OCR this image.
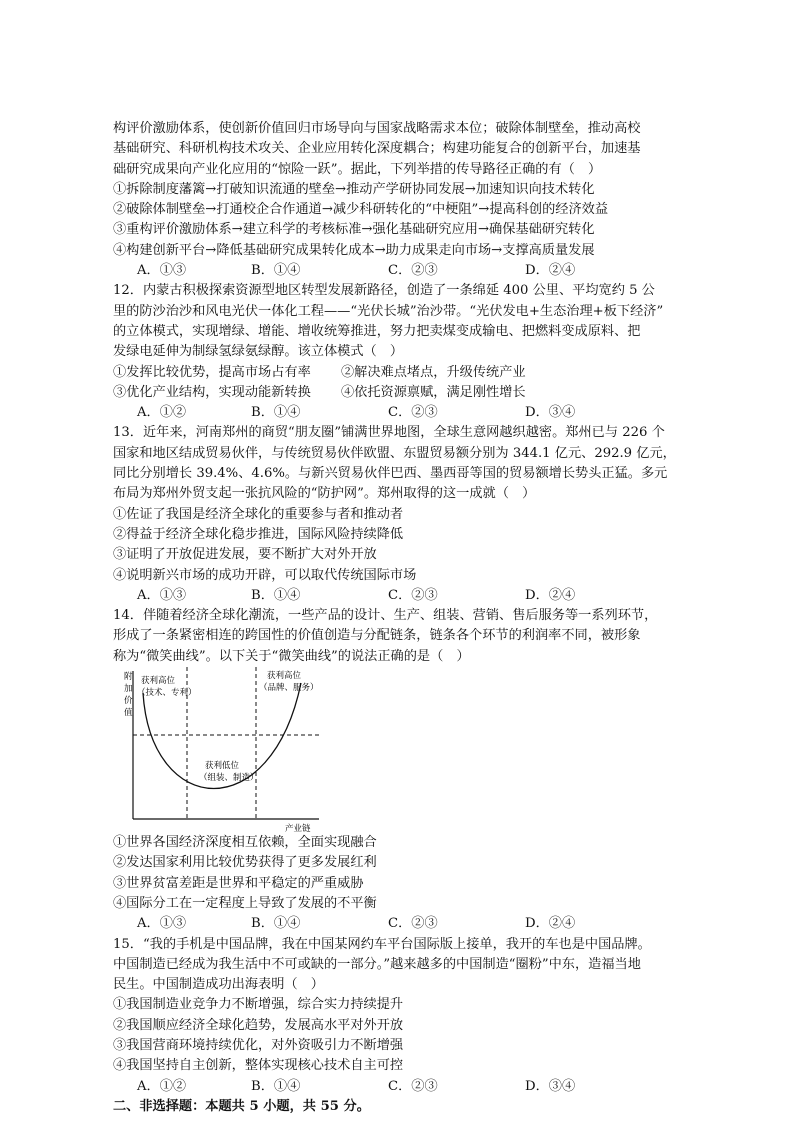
构评价激励体系，使创新价值回归市场导向与国家战略需求本位；破除体制壁垒，推动高校
基础研究、科研机构技术攻关、企业应用转化深度耦合；构建功能复合的创新平台，加速基
础研究成果向产业化应用的“惊险一跃”。据此，下列举措的传导路径正确的有（　）
①拆除制度藩篱→打破知识流通的壁垒→推动产学研协同发展→加速知识向技术转化
②破除体制壁垒→打通校企合作通道→减少科研转化的“中梗阻”→提高科创的经济效益
③重构评价激励体系→建立科学的考核标准→强化基础研究应用→确保基础研究转化
④构建创新平台→降低基础研究成果转化成本→助力成果走向市场→支撑高质量发展
A．①③	B．①④	C．②③	D．②④
12．内蒙古积极探索资源型地区转型发展新路径，创造了一条绵延 400 公里、平均宽约 5 公
里的防沙治沙和风电光伏一体化工程——“光伏长城”治沙带。“光伏发电+生态治理+板下经济”
的立体模式，实现增绿、增能、增收统筹推进，努力把卖煤变成输电、把燃料变成原料、把
发绿电延伸为制绿氢绿氨绿醇。该立体模式（　）
①发挥比较优势，提高市场占有率 ②解决难点堵点，升级传统产业
③优化产业结构，实现动能新转换 ④依托资源禀赋，满足刚性增长
A．①②	B．①④	C．②③	D．③④
13．近年来，河南郑州的商贸“朋友圈”铺满世界地图，全球生意网越织越密。郑州已与 226 个
国家和地区结成贸易伙伴，与传统贸易伙伴欧盟、东盟贸易额分别为 344.1 亿元、292.9 亿元，
同比分别增长 39.4%、4.6%。与新兴贸易伙伴巴西、墨西哥等国的贸易额增长势头正猛。多元
布局为郑州外贸支起一张抗风险的“防护网”。郑州取得的这一成就（　）
①佐证了我国是经济全球化的重要参与者和推动者
②得益于经济全球化稳步推进，国际风险持续降低
③证明了开放促进发展，要不断扩大对外开放
④说明新兴市场的成功开辟，可以取代传统国际市场
A．①③	B．①④	C．②③	D．②④
14．伴随着经济全球化潮流，一些产品的设计、生产、组装、营销、售后服务等一系列环节，
形成了一条紧密相连的跨国性的价值创造与分配链条，链条各个环节的利润率不同，被形象
称为“微笑曲线”。以下关于“微笑曲线”的说法正确的是（　）
附
加
价
值
获利高位
（技术、专利）
获利高位
（品牌、服务）
获利低位
（组装、制造）
产业链
①世界各国经济深度相互依赖，全面实现融合
②发达国家利用比较优势获得了更多发展红利
③世界贫富差距是世界和平稳定的严重威胁
④国际分工在一定程度上导致了发展的不平衡
A．①③	B．①④	C．②③	D．②④
15．“我的手机是中国品牌，我在中国某网约车平台国际版上接单，我开的车也是中国品牌。
中国制造已经成为我生活中不可或缺的一部分。”越来越多的中国制造“圈粉”中东，造福当地
民生。中国制造成功出海表明（　）
①我国制造业竞争力不断增强，综合实力持续提升
②我国顺应经济全球化趋势，发展高水平对外开放
③我国营商环境持续优化，对外资吸引力不断增强
④我国坚持自主创新，整体实现核心技术自主可控
A．①②	B．①④	C．②③	D．③④
二、非选择题：本题共 5 小题，共 55 分。
